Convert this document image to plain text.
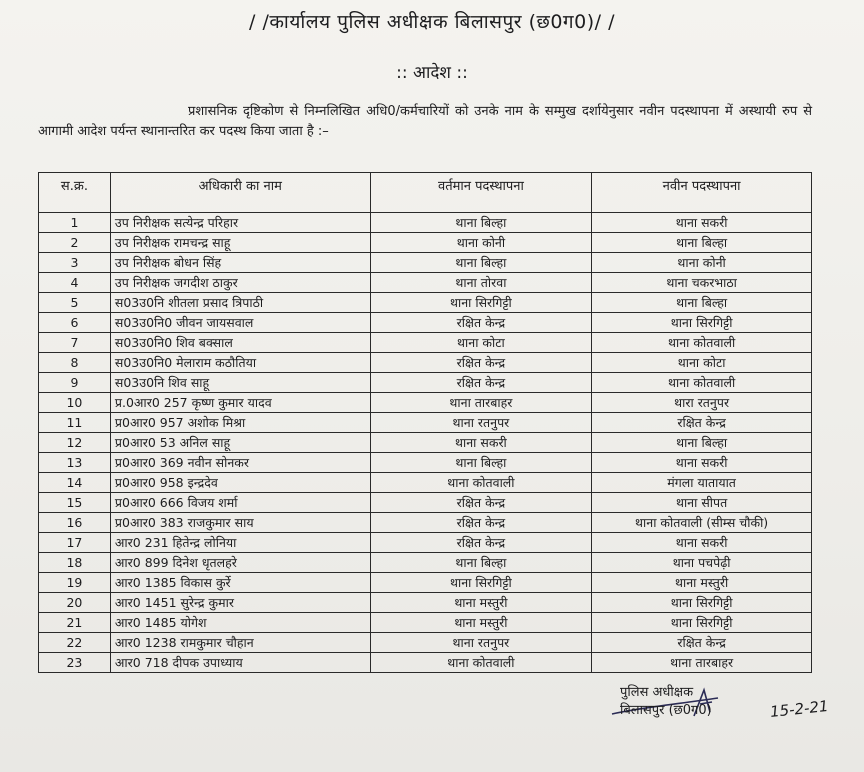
/ /कार्यालय पुलिस अधीक्षक बिलासपुर (छ0ग0)/ /
:: आदेश ::
प्रशासनिक दृष्टिकोण से निम्नलिखित अधि0/कर्मचारियों को उनके नाम के सम्मुख दर्शायेनुसार नवीन पदस्थापना में अस्थायी रुप से आगामी आदेश पर्यन्त स्थानान्तरित कर पदस्थ किया जाता है :–
स.क्र.	अधिकारी का नाम	वर्तमान पदस्थापना	नवीन पदस्थापना
1	उप निरीक्षक सत्येन्द्र परिहार	थाना बिल्हा	थाना सकरी
2	उप निरीक्षक रामचन्द्र साहू	थाना कोनी	थाना बिल्हा
3	उप निरीक्षक बोधन सिंह	थाना बिल्हा	थाना कोनी
4	उप निरीक्षक जगदीश ठाकुर	थाना तोरवा	थाना चकरभाठा
5	स03उ0नि शीतला प्रसाद त्रिपाठी	थाना सिरगिट्टी	थाना बिल्हा
6	स03उ0नि0 जीवन जायसवाल	रक्षित केन्द्र	थाना सिरगिट्टी
7	स03उ0नि0 शिव बक्साल	थाना कोटा	थाना कोतवाली
8	स03उ0नि0 मेलाराम कठौतिया	रक्षित केन्द्र	थाना कोटा
9	स03उ0नि शिव साहू	रक्षित केन्द्र	थाना कोतवाली
10	प्र.0आर0 257 कृष्ण कुमार यादव	थाना तारबाहर	थारा रतनुपर
11	प्र0आर0 957 अशोक मिश्रा	थाना रतनुपर	रक्षित केन्द्र
12	प्र0आर0 53 अनिल साहू	थाना सकरी	थाना बिल्हा
13	प्र0आर0 369 नवीन सोनकर	थाना बिल्हा	थाना सकरी
14	प्र0आर0 958 इन्द्रदेव	थाना कोतवाली	मंगला यातायात
15	प्र0आर0 666 विजय शर्मा	रक्षित केन्द्र	थाना सीपत
16	प्र0आर0 383 राजकुमार साय	रक्षित केन्द्र	थाना कोतवाली (सीम्स चौकी)
17	आर0 231 हितेन्द्र लोनिया	रक्षित केन्द्र	थाना सकरी
18	आर0 899 दिनेश धृतलहरे	थाना बिल्हा	थाना पचपेढ़ी
19	आर0 1385 विकास कुर्रे	थाना सिरगिट्टी	थाना मस्तुरी
20	आर0 1451 सुरेन्द्र कुमार	थाना मस्तुरी	थाना सिरगिट्टी
21	आर0 1485 योगेश	थाना मस्तुरी	थाना सिरगिट्टी
22	आर0 1238 रामकुमार चौहान	थाना रतनुपर	रक्षित केन्द्र
23	आर0 718 दीपक उपाध्याय	थाना कोतवाली	थाना तारबाहर
15-2-21
पुलिस अधीक्षक
बिलासपुर (छ0ग0)
